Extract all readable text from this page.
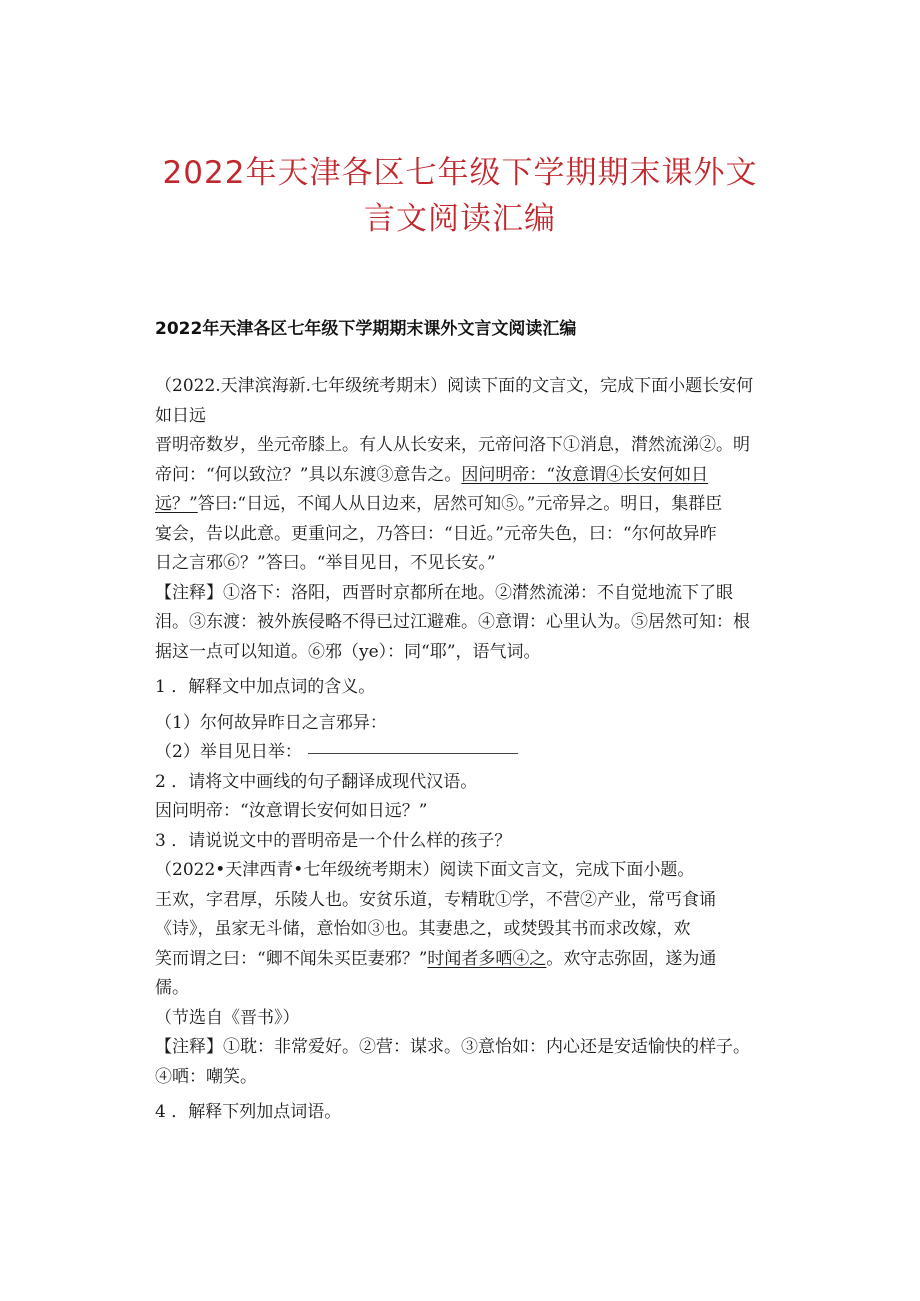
2022年天津各区七年级下学期期末课外文言文阅读汇编
2022年天津各区七年级下学期期末课外文言文阅读汇编

（2022.天津滨海新.七年级统考期末）阅读下面的文言文，完成下面小题长安何

如日远

晋明帝数岁，坐元帝膝上。有人从长安来，元帝问洛下①消息，潸然流涕②。明

帝问：“何以致泣？”具以东渡③意告之。因问明帝：“汝意谓④长安何如日

远？”答曰:“日远，不闻人从日边来，居然可知⑤。”元帝异之。明日，集群臣

宴会，告以此意。更重问之，乃答曰：“日近。”元帝失色，曰：“尔何故异昨

日之言邪⑥？”答曰。“举目见日，不见长安。”

【注释】①洛下：洛阳，西晋时京都所在地。②潸然流涕：不自觉地流下了眼

泪。③东渡：被外族侵略不得已过江避难。④意谓：心里认为。⑤居然可知：根

据这一点可以知道。⑥邪（ye）：同“耶”，语气词。

1 ．解释文中加点词的含义。

（1）尔何故异昨日之言邪异：

（2）举目见日举：

2 ．请将文中画线的句子翻译成现代汉语。

因问明帝：“汝意谓长安何如日远？”

3 ．请说说文中的晋明帝是一个什么样的孩子？

（2022•天津西青•七年级统考期末）阅读下面文言文，完成下面小题。

王欢，字君厚，乐陵人也。安贫乐道，专精耽①学，不营②产业，常丐食诵

《诗》，虽家无斗储，意怡如③也。其妻患之，或焚毁其书而求改嫁，欢

笑而谓之曰：“卿不闻朱买臣妻邪？”时闻者多哂④之。欢守志弥固，遂为通

儒。

（节选自《晋书》）

【注释】①耽：非常爱好。②营：谋求。③意怡如：内心还是安适愉快的样子。

④哂：嘲笑。

4 ．解释下列加点词语。
